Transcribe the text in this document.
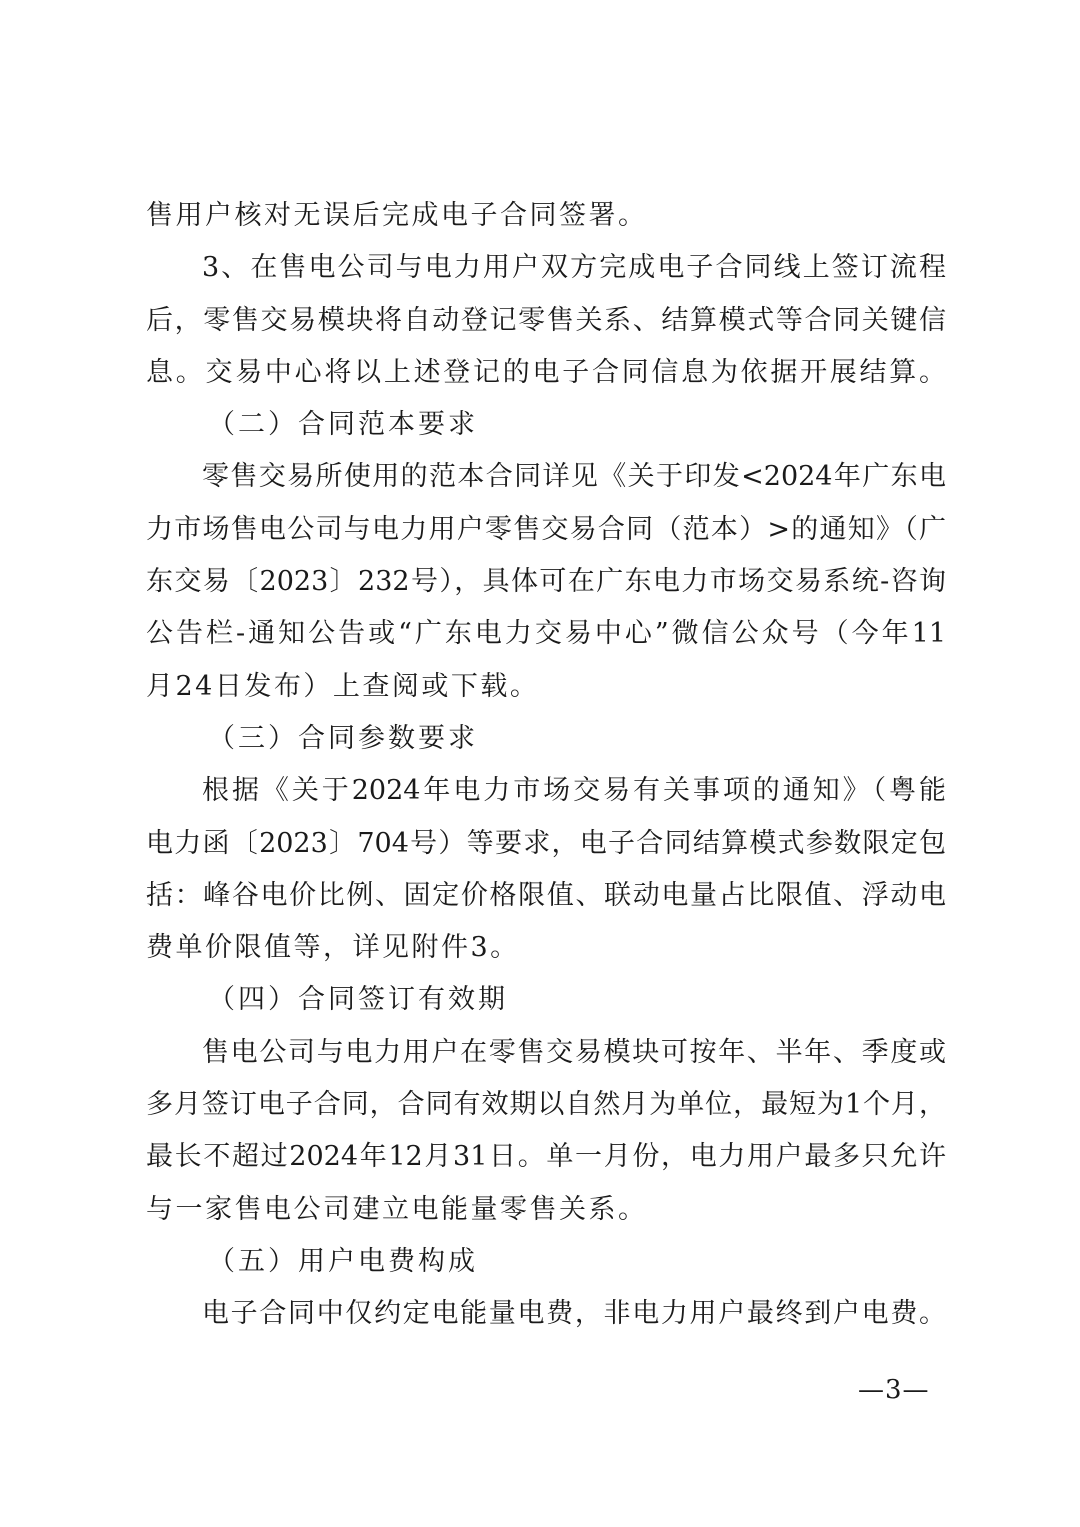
售用户核对无误后完成电子合同签署。
3、在售电公司与电力用户双方完成电子合同线上签订流程
后，零售交易模块将自动登记零售关系、结算模式等合同关键信
息。交易中心将以上述登记的电子合同信息为依据开展结算。
（二）合同范本要求
零售交易所使用的范本合同详见《关于印发<2024年广东电
力市场售电公司与电力用户零售交易合同（范本）>的通知》（广
东交易〔2023〕232号），具体可在广东电力市场交易系统-咨询
公告栏-通知公告或“广东电力交易中心”微信公众号（今年11
月24日发布）上查阅或下载。
（三）合同参数要求
根据《关于2024年电力市场交易有关事项的通知》（粤能
电力函〔2023〕704号）等要求，电子合同结算模式参数限定包
括：峰谷电价比例、固定价格限值、联动电量占比限值、浮动电
费单价限值等，详见附件3。
（四）合同签订有效期
售电公司与电力用户在零售交易模块可按年、半年、季度或
多月签订电子合同，合同有效期以自然月为单位，最短为1个月，
最长不超过2024年12月31日。单一月份，电力用户最多只允许
与一家售电公司建立电能量零售关系。
（五）用户电费构成
电子合同中仅约定电能量电费，非电力用户最终到户电费。
—3—
